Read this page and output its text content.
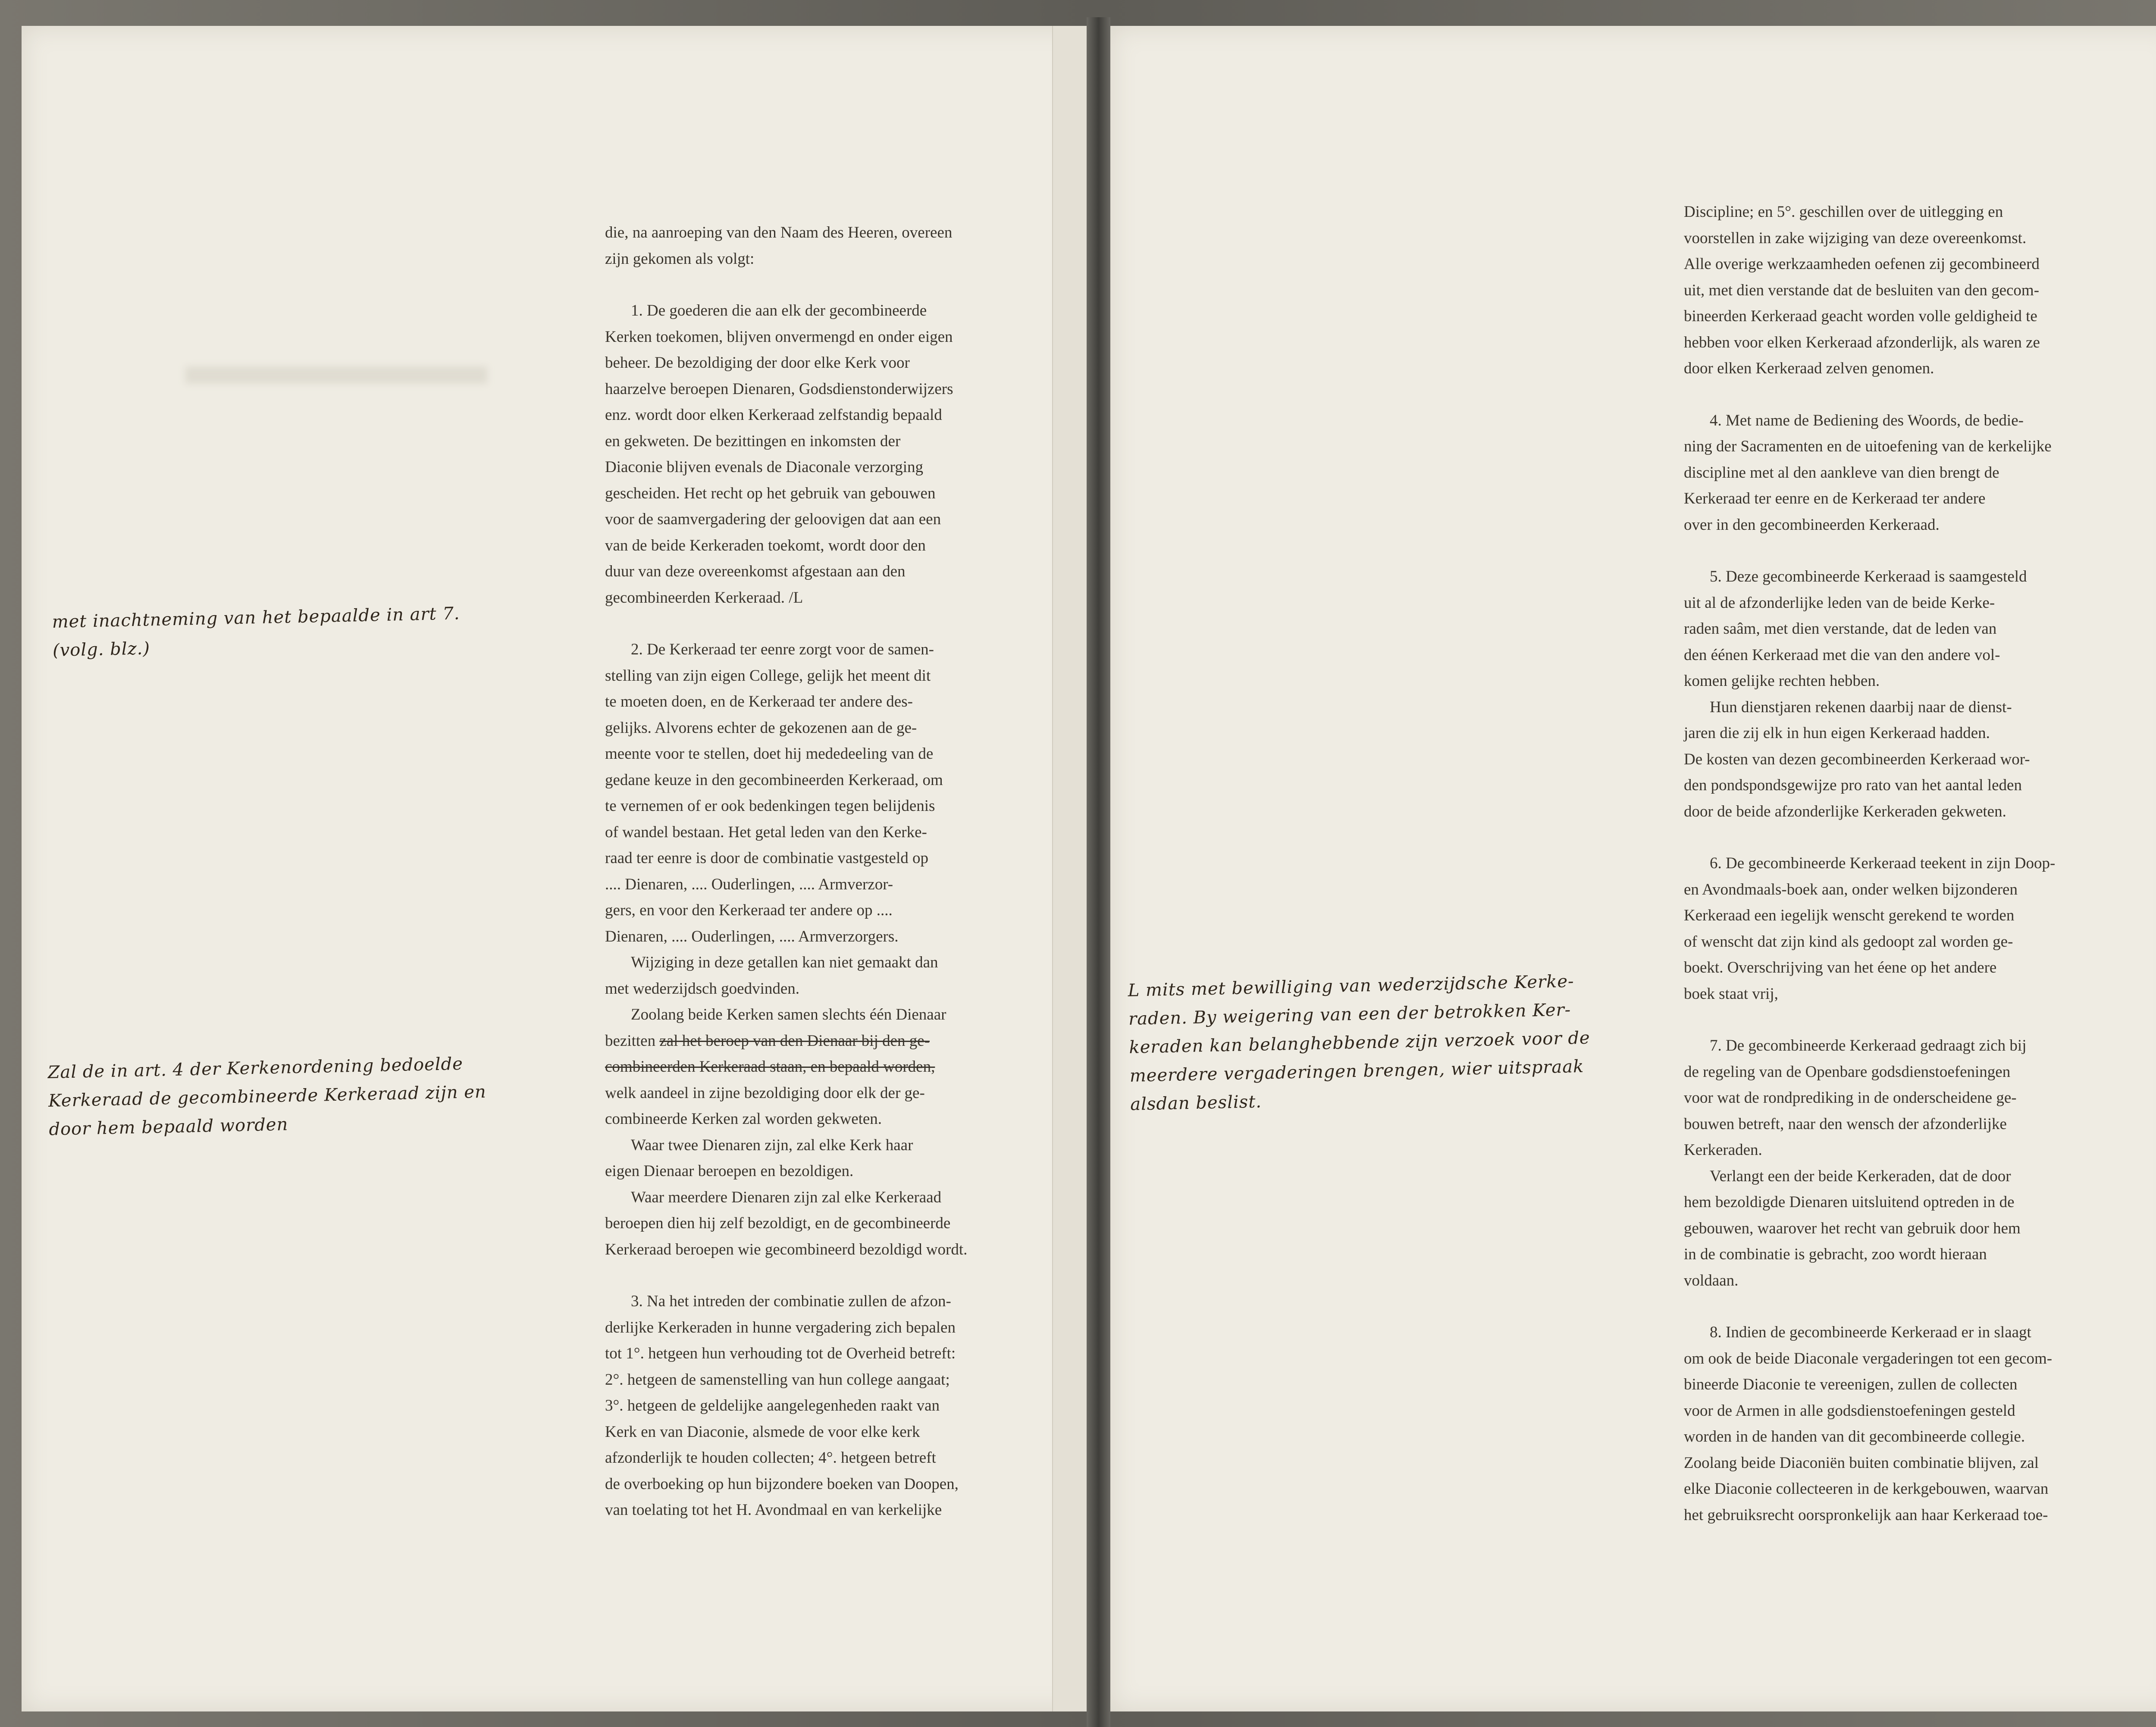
die, na aanroeping van den Naam des Heeren, overeen

zijn gekomen als volgt:

1. De goederen die aan elk der gecombineerde

Kerken toekomen, blijven onvermengd en onder eigen

beheer. De bezoldiging der door elke Kerk voor

haarzelve beroepen Dienaren, Godsdienstonderwijzers

enz. wordt door elken Kerkeraad zelfstandig bepaald

en gekweten. De bezittingen en inkomsten der

Diaconie blijven evenals de Diaconale verzorging

gescheiden. Het recht op het gebruik van gebouwen

voor de saamvergadering der geloovigen dat aan een

van de beide Kerkeraden toekomt, wordt door den

duur van deze overeenkomst afgestaan aan den

gecombineerden Kerkeraad. /L

2. De Kerkeraad ter eenre zorgt voor de samen-

stelling van zijn eigen College, gelijk het meent dit

te moeten doen, en de Kerkeraad ter andere des-

gelijks. Alvorens echter de gekozenen aan de ge-

meente voor te stellen, doet hij mededeeling van de

gedane keuze in den gecombineerden Kerkeraad, om

te vernemen of er ook bedenkingen tegen belijdenis

of wandel bestaan. Het getal leden van den Kerke-

raad ter eenre is door de combinatie vastgesteld op

.... Dienaren, .... Ouderlingen, .... Armverzor-

gers, en voor den Kerkeraad ter andere op ....

Dienaren, .... Ouderlingen, .... Armverzorgers.

Wijziging in deze getallen kan niet gemaakt dan

met wederzijdsch goedvinden.

Zoolang beide Kerken samen slechts één Dienaar

bezitten zal het beroep van den Dienaar bij den ge-

combineerden Kerkeraad staan, en bepaald worden,

welk aandeel in zijne bezoldiging door elk der ge-

combineerde Kerken zal worden gekweten.

Waar twee Dienaren zijn, zal elke Kerk haar

eigen Dienaar beroepen en bezoldigen.

Waar meerdere Dienaren zijn zal elke Kerkeraad

beroepen dien hij zelf bezoldigt, en de gecombineerde

Kerkeraad beroepen wie gecombineerd bezoldigd wordt.

3. Na het intreden der combinatie zullen de afzon-

derlijke Kerkeraden in hunne vergadering zich bepalen

tot 1°. hetgeen hun verhouding tot de Overheid betreft:

2°. hetgeen de samenstelling van hun college aangaat;

3°. hetgeen de geldelijke aangelegenheden raakt van

Kerk en van Diaconie, alsmede de voor elke kerk

afzonderlijk te houden collecten; 4°. hetgeen betreft

de overboeking op hun bijzondere boeken van Doopen,

van toelating tot het H. Avondmaal en van kerkelijke

met inachtneming van het bepaalde in art 7.

(volg. blz.)

Zal de in art. 4 der Kerkenordening bedoelde

Kerkeraad de gecombineerde Kerkeraad zijn en

door hem bepaald worden

Discipline; en 5°. geschillen over de uitlegging en

voorstellen in zake wijziging van deze overeenkomst.

Alle overige werkzaamheden oefenen zij gecombineerd

uit, met dien verstande dat de besluiten van den gecom-

bineerden Kerkeraad geacht worden volle geldigheid te

hebben voor elken Kerkeraad afzonderlijk, als waren ze

door elken Kerkeraad zelven genomen.

4. Met name de Bediening des Woords, de bedie-

ning der Sacramenten en de uitoefening van de kerkelijke

discipline met al den aankleve van dien brengt de

Kerkeraad ter eenre en de Kerkeraad ter andere

over in den gecombineerden Kerkeraad.

5. Deze gecombineerde Kerkeraad is saamgesteld

uit al de afzonderlijke leden van de beide Kerke-

raden saâm, met dien verstande, dat de leden van

den éénen Kerkeraad met die van den andere vol-

komen gelijke rechten hebben.

Hun dienstjaren rekenen daarbij naar de dienst-

jaren die zij elk in hun eigen Kerkeraad hadden.

De kosten van dezen gecombineerden Kerkeraad wor-

den pondspondsgewijze pro rato van het aantal leden

door de beide afzonderlijke Kerkeraden gekweten.

6. De gecombineerde Kerkeraad teekent in zijn Doop-

en Avondmaals-boek aan, onder welken bijzonderen

Kerkeraad een iegelijk wenscht gerekend te worden

of wenscht dat zijn kind als gedoopt zal worden ge-

boekt. Overschrijving van het éene op het andere

boek staat vrij,

7. De gecombineerde Kerkeraad gedraagt zich bij

de regeling van de Openbare godsdienstoefeningen

voor wat de rondprediking in de onderscheidene ge-

bouwen betreft, naar den wensch der afzonderlijke

Kerkeraden.

Verlangt een der beide Kerkeraden, dat de door

hem bezoldigde Dienaren uitsluitend optreden in de

gebouwen, waarover het recht van gebruik door hem

in de combinatie is gebracht, zoo wordt hieraan

voldaan.

8. Indien de gecombineerde Kerkeraad er in slaagt

om ook de beide Diaconale vergaderingen tot een gecom-

bineerde Diaconie te vereenigen, zullen de collecten

voor de Armen in alle godsdienstoefeningen gesteld

worden in de handen van dit gecombineerde collegie.

Zoolang beide Diaconiën buiten combinatie blijven, zal

elke Diaconie collecteeren in de kerkgebouwen, waarvan

het gebruiksrecht oorspronkelijk aan haar Kerkeraad toe-

L mits met bewilliging van wederzijdsche Kerke-

raden. By weigering van een der betrokken Ker-

keraden kan belanghebbende zijn verzoek voor de

meerdere vergaderingen brengen, wier uitspraak

alsdan beslist.
